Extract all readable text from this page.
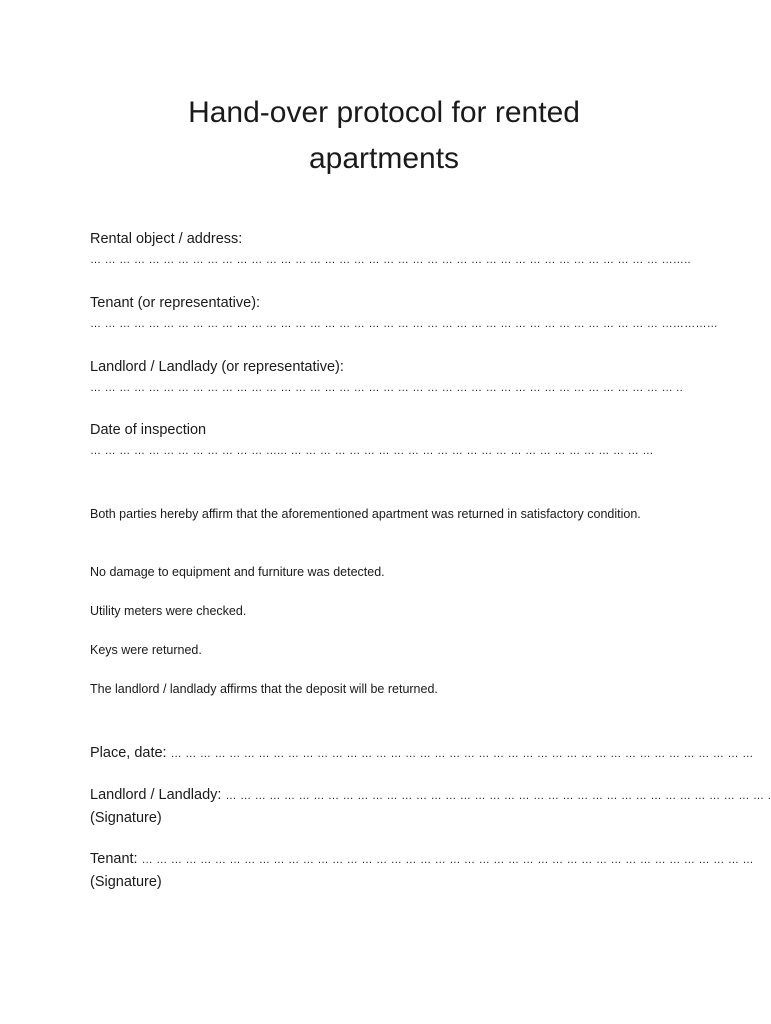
Hand-over protocol for rented
apartments
Rental object / address:
… … … … … … … … … … … … … … … … … … … … … … … … … … … … … … … … … … … … … … … ……..
Tenant (or representative):
… … … … … … … … … … … … … … … … … … … … … … … … … … … … … … … … … … … … … … … ……………
Landlord / Landlady (or representative):
… … … … … … … … … … … … … … … … … … … … … … … … … … … … … … … … … … … … … … … … ..
Date of inspection
… … … … … … … … … … … … …... … … … … … … … … … … … … … … … … … … … … … … … … …
Both parties hereby affirm that the aforementioned apartment was returned in satisfactory condition.
No damage to equipment and furniture was detected.
Utility meters were checked.
Keys were returned.
The landlord / landlady affirms that the deposit will be returned.
Place, date: … … … … … … … … … … … … … … … … … … … … … … … … … … … … … … … … … … … … … … … …
Landlord / Landlady: … … … … … … … … … … … … … … … … … … … … … … … … … … … … … … … … … … … … … .
(Signature)
Tenant: … … … … … … … … … … … … … … … … … … … … … … … … … … … … … … … … … … … … … … … … … …
(Signature)
